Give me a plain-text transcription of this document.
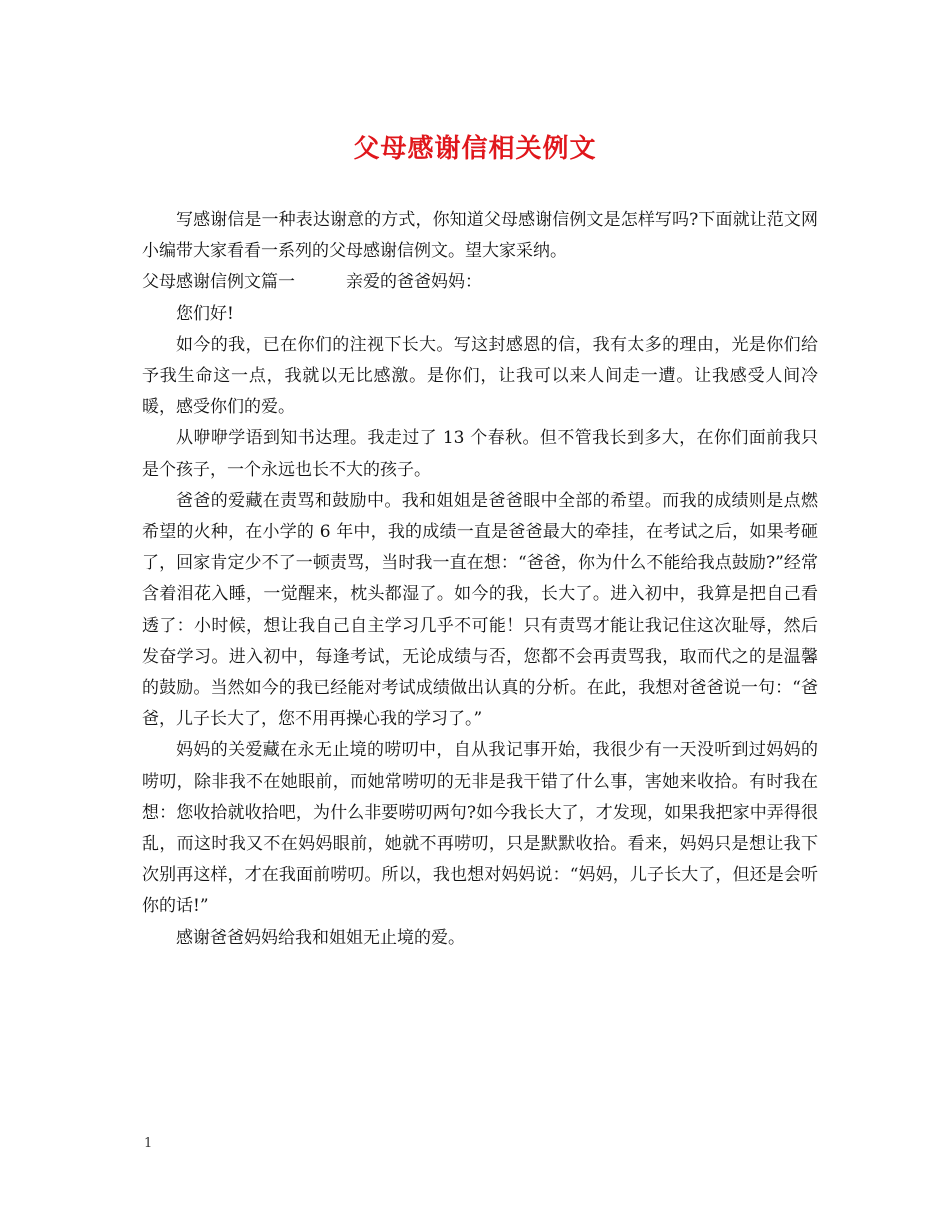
父母感谢信相关例文

写感谢信是一种表达谢意的方式，你知道父母感谢信例文是怎样写吗?下面就让范文网小编带大家看看一系列的父母感谢信例文。望大家采纳。

父母感谢信例文篇一　　　亲爱的爸爸妈妈：

您们好!

如今的我，已在你们的注视下长大。写这封感恩的信，我有太多的理由，光是你们给予我生命这一点，我就以无比感激。是你们，让我可以来人间走一遭。让我感受人间冷暖，感受你们的爱。

从咿咿学语到知书达理。我走过了 13 个春秋。但不管我长到多大，在你们面前我只是个孩子，一个永远也长不大的孩子。

爸爸的爱藏在责骂和鼓励中。我和姐姐是爸爸眼中全部的希望。而我的成绩则是点燃希望的火种，在小学的 6 年中，我的成绩一直是爸爸最大的牵挂，在考试之后，如果考砸了，回家肯定少不了一顿责骂，当时我一直在想：“爸爸，你为什么不能给我点鼓励?”经常含着泪花入睡，一觉醒来，枕头都湿了。如今的我，长大了。进入初中，我算是把自己看透了：小时候，想让我自己自主学习几乎不可能！只有责骂才能让我记住这次耻辱，然后发奋学习。进入初中，每逢考试，无论成绩与否，您都不会再责骂我，取而代之的是温馨的鼓励。当然如今的我已经能对考试成绩做出认真的分析。在此，我想对爸爸说一句：“爸爸，儿子长大了，您不用再操心我的学习了。”

妈妈的关爱藏在永无止境的唠叨中，自从我记事开始，我很少有一天没听到过妈妈的唠叨，除非我不在她眼前，而她常唠叨的无非是我干错了什么事，害她来收拾。有时我在想：您收拾就收拾吧，为什么非要唠叨两句?如今我长大了，才发现，如果我把家中弄得很乱，而这时我又不在妈妈眼前，她就不再唠叨，只是默默收拾。看来，妈妈只是想让我下次别再这样，才在我面前唠叨。所以，我也想对妈妈说：“妈妈，儿子长大了，但还是会听你的话!”

感谢爸爸妈妈给我和姐姐无止境的爱。

1
